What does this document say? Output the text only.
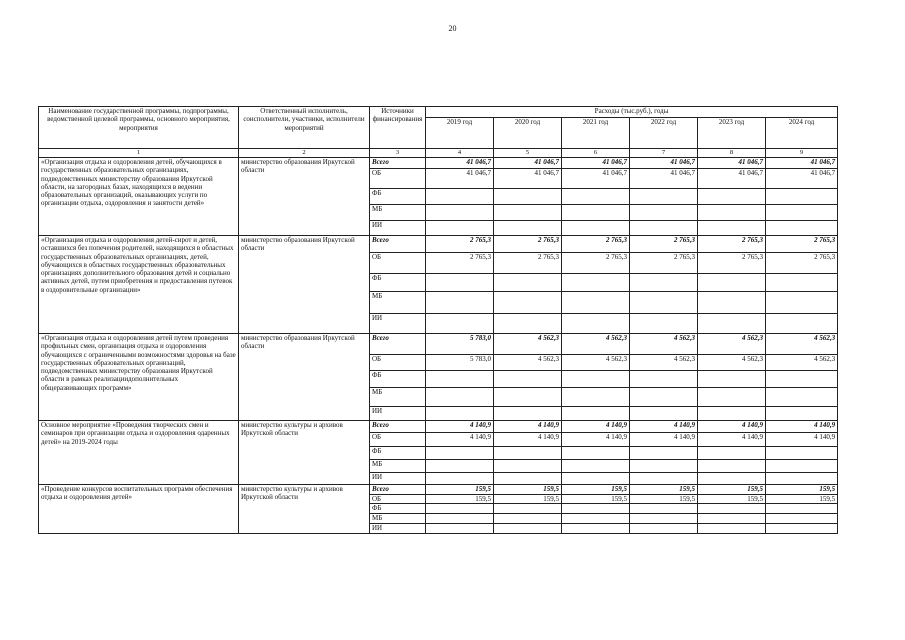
20
Наименование государственной программы, подпрограммы, ведомственной целевой программы, основного мероприятия, мероприятия	Ответственный исполнитель, соисполнители, участники, исполнители мероприятий	Источники финансирования	Расходы (тыс.руб.), годы					
			2019 год	2020 год	2021 год	2022 год	2023 год	2024 год
1	2	3	4	5	6	7	8	9
«Организация отдыха и оздоровления детей, обучающихся в государственных образовательных организациях, подведомственных министерству образования Иркутской области, на загородных базах, находящихся в ведении образовательных организаций, оказывающих услуги по организации отдыха, оздоровления и занятости детей»	министерство образования Иркутской области	Всего	41 046,7	41 046,7	41 046,7	41 046,7	41 046,7	41 046,7
		ОБ	41 046,7	41 046,7	41 046,7	41 046,7	41 046,7	41 046,7
		ФБ						
		МБ						
		ИИ						
«Организация отдыха и оздоровления детей-сирот и детей, оставшихся без попечения родителей, находящихся в областных государственных образовательных организациях, детей, обучающихся в областных государственных образовательных организациях дополнительного образования детей и социально активных детей, путем приобретения и предоставления путевок в оздоровительные организации»	министерство образования Иркутской области	Всего	2 765,3	2 765,3	2 765,3	2 765,3	2 765,3	2 765,3
		ОБ	2 765,3	2 765,3	2 765,3	2 765,3	2 765,3	2 765,3
		ФБ						
		МБ						
		ИИ						
«Организация отдыха и оздоровления детей путем проведения профильных смен, организация отдыха и оздоровления обучающихся с ограниченными возможностями здоровья на базе государственных образовательных организаций, подведомственных министерству образования Иркутской области в рамках реализациидополнительных общеразвивающих программ»	министерство образования Иркутской области	Всего	5 783,0	4 562,3	4 562,3	4 562,3	4 562,3	4 562,3
		ОБ	5 783,0	4 562,3	4 562,3	4 562,3	4 562,3	4 562,3
		ФБ						
		МБ						
		ИИ						
Основное мероприятие «Проведения творческих смен и семинаров при организации отдыха и оздоровления одаренных детей» на 2019-2024 годы	министерство культуры и архивов Иркутской области	Всего	4 140,9	4 140,9	4 140,9	4 140,9	4 140,9	4 140,9
		ОБ	4 140,9	4 140,9	4 140,9	4 140,9	4 140,9	4 140,9
		ФБ						
		МБ						
		ИИ						
«Проведение конкурсов воспитательных программ обеспечения отдыха и оздоровления детей»	министерство культуры и архивов Иркутской области	Всего	159,5	159,5	159,5	159,5	159,5	159,5
		ОБ	159,5	159,5	159,5	159,5	159,5	159,5
		ФБ						
		МБ						
		ИИ						
